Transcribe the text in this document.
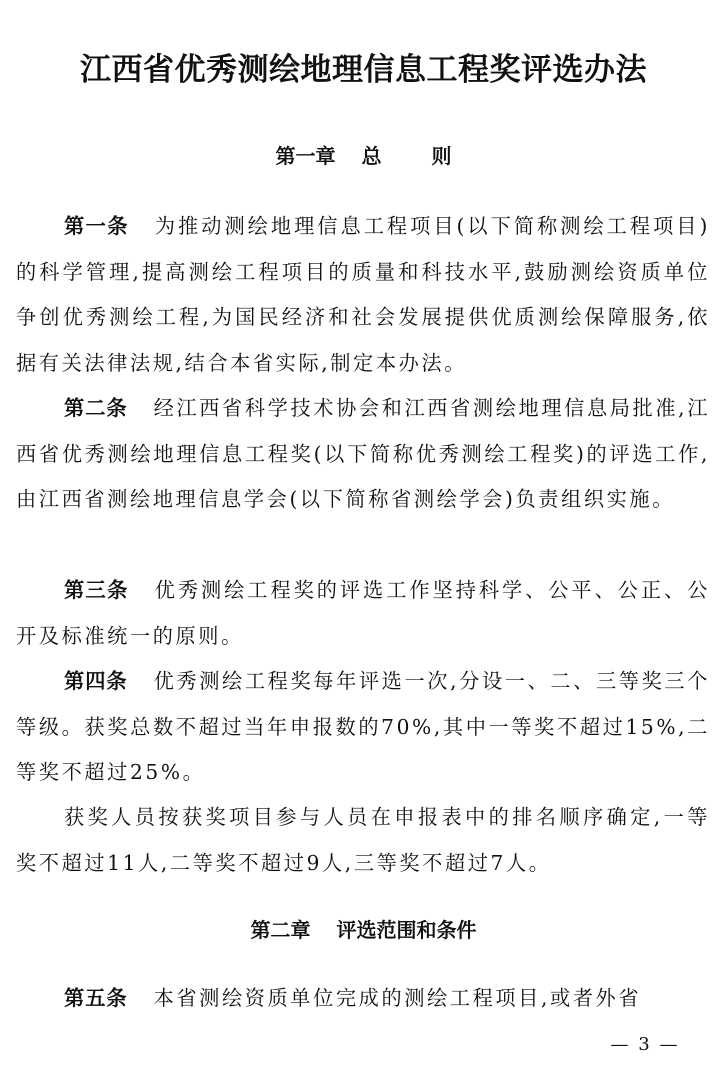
江西省优秀测绘地理信息工程奖评选办法
第一章 总	则
第一条 为推动测绘地理信息工程项目(以下简称测绘工程项目)的科学管理,提高测绘工程项目的质量和科技水平,鼓励测绘资质单位争创优秀测绘工程,为国民经济和社会发展提供优质测绘保障服务,依据有关法律法规,结合本省实际,制定本办法。
第二条 经江西省科学技术协会和江西省测绘地理信息局批准,江西省优秀测绘地理信息工程奖(以下简称优秀测绘工程奖)的评选工作,由江西省测绘地理信息学会(以下简称省测绘学会)负责组织实施。
第三条 优秀测绘工程奖的评选工作坚持科学、公平、公正、公开及标准统一的原则。
第四条 优秀测绘工程奖每年评选一次,分设一、二、三等奖三个等级。获奖总数不超过当年申报数的70%,其中一等奖不超过15%,二等奖不超过25%。
获奖人员按获奖项目参与人员在申报表中的排名顺序确定,一等奖不超过11人,二等奖不超过9人,三等奖不超过7人。
第二章 评选范围和条件
第五条 本省测绘资质单位完成的测绘工程项目,或者外省
— 3 —
